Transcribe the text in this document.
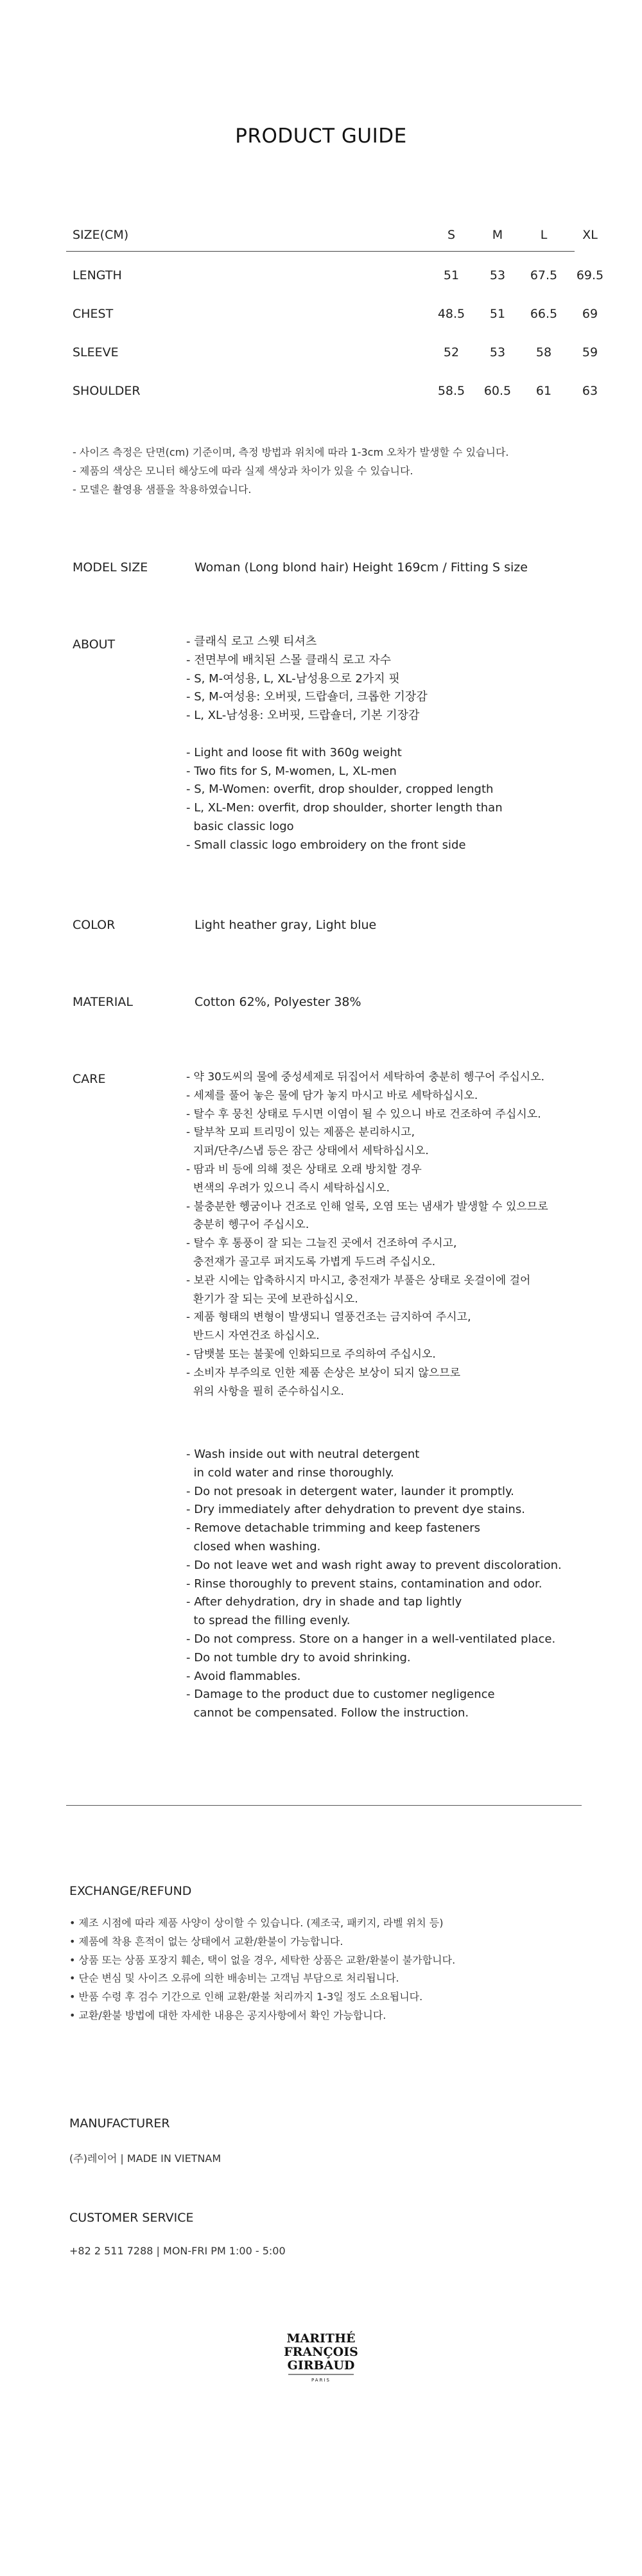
PRODUCT GUIDE
SIZE(CM)	S	M	L	XL
LENGTH	51	53	67.5	69.5
CHEST	48.5	51	66.5	69
SLEEVE	52	53	58	59
SHOULDER	58.5	60.5	61	63
- 사이즈 측정은 단면(cm) 기준이며, 측정 방법과 위치에 따라 1-3cm 오차가 발생할 수 있습니다.
- 제품의 색상은 모니터 해상도에 따라 실제 색상과 차이가 있을 수 있습니다.
- 모델은 촬영용 샘플을 착용하였습니다.
MODEL SIZE	Woman (Long blond hair) Height 169cm / Fitting S size
ABOUT	- 클래식 로고 스웻 티셔츠
- 전면부에 배치된 스몰 클래식 로고 자수
- S, M-여성용, L, XL-남성용으로 2가지 핏
- S, M-여성용: 오버핏, 드랍숄더, 크롭한 기장감
- L, XL-남성용: 오버핏, 드랍숄더, 기본 기장감
- Light and loose fit with 360g weight
- Two fits for S, M-women, L, XL-men
- S, M-Women: overfit, drop shoulder, cropped length
- L, XL-Men: overfit, drop shoulder, shorter length than
basic classic logo
- Small classic logo embroidery on the front side
COLOR	Light heather gray, Light blue
MATERIAL	Cotton 62%, Polyester 38%
CARE	- 약 30도씨의 물에 중성세제로 뒤집어서 세탁하여 충분히 헹구어 주십시오.
- 세제를 풀어 놓은 물에 담가 놓지 마시고 바로 세탁하십시오.
- 탈수 후 뭉친 상태로 두시면 이염이 될 수 있으니 바로 건조하여 주십시오.
- 탈부착 모피 트리밍이 있는 제품은 분리하시고,
지퍼/단추/스냅 등은 잠근 상태에서 세탁하십시오.
- 땀과 비 등에 의해 젖은 상태로 오래 방치할 경우
변색의 우려가 있으니 즉시 세탁하십시오.
- 불충분한 헹굼이나 건조로 인해 얼룩, 오염 또는 냄새가 발생할 수 있으므로
충분히 헹구어 주십시오.
- 탈수 후 통풍이 잘 되는 그늘진 곳에서 건조하여 주시고,
충전재가 골고루 퍼지도록 가볍게 두드려 주십시오.
- 보관 시에는 압축하시지 마시고, 충전재가 부풀은 상태로 옷걸이에 걸어
환기가 잘 되는 곳에 보관하십시오.
- 제품 형태의 변형이 발생되니 열풍건조는 금지하여 주시고,
반드시 자연건조 하십시오.
- 담뱃불 또는 불꽃에 인화되므로 주의하여 주십시오.
- 소비자 부주의로 인한 제품 손상은 보상이 되지 않으므로
위의 사항을 필히 준수하십시오.
- Wash inside out with neutral detergent
in cold water and rinse thoroughly.
- Do not presoak in detergent water, launder it promptly.
- Dry immediately after dehydration to prevent dye stains.
- Remove detachable trimming and keep fasteners
closed when washing.
- Do not leave wet and wash right away to prevent discoloration.
- Rinse thoroughly to prevent stains, contamination and odor.
- After dehydration, dry in shade and tap lightly
to spread the filling evenly.
- Do not compress. Store on a hanger in a well-ventilated place.
- Do not tumble dry to avoid shrinking.
- Avoid flammables.
- Damage to the product due to customer negligence
cannot be compensated. Follow the instruction.
EXCHANGE/REFUND
• 제조 시점에 따라 제품 사양이 상이할 수 있습니다. (제조국, 패키지, 라벨 위치 등)
• 제품에 착용 흔적이 없는 상태에서 교환/환불이 가능합니다.
• 상품 또는 상품 포장지 훼손, 택이 없을 경우, 세탁한 상품은 교환/환불이 불가합니다.
• 단순 변심 및 사이즈 오류에 의한 배송비는 고객님 부담으로 처리됩니다.
• 반품 수령 후 검수 기간으로 인해 교환/환불 처리까지 1-3일 정도 소요됩니다.
• 교환/환불 방법에 대한 자세한 내용은 공지사항에서 확인 가능합니다.
MANUFACTURER
(주)레이어 | MADE IN VIETNAM
CUSTOMER SERVICE
+82 2 511 7288 | MON-FRI PM 1:00 - 5:00
MARITHÉ
FRANÇOIS
GIRBAUD
PARIS
